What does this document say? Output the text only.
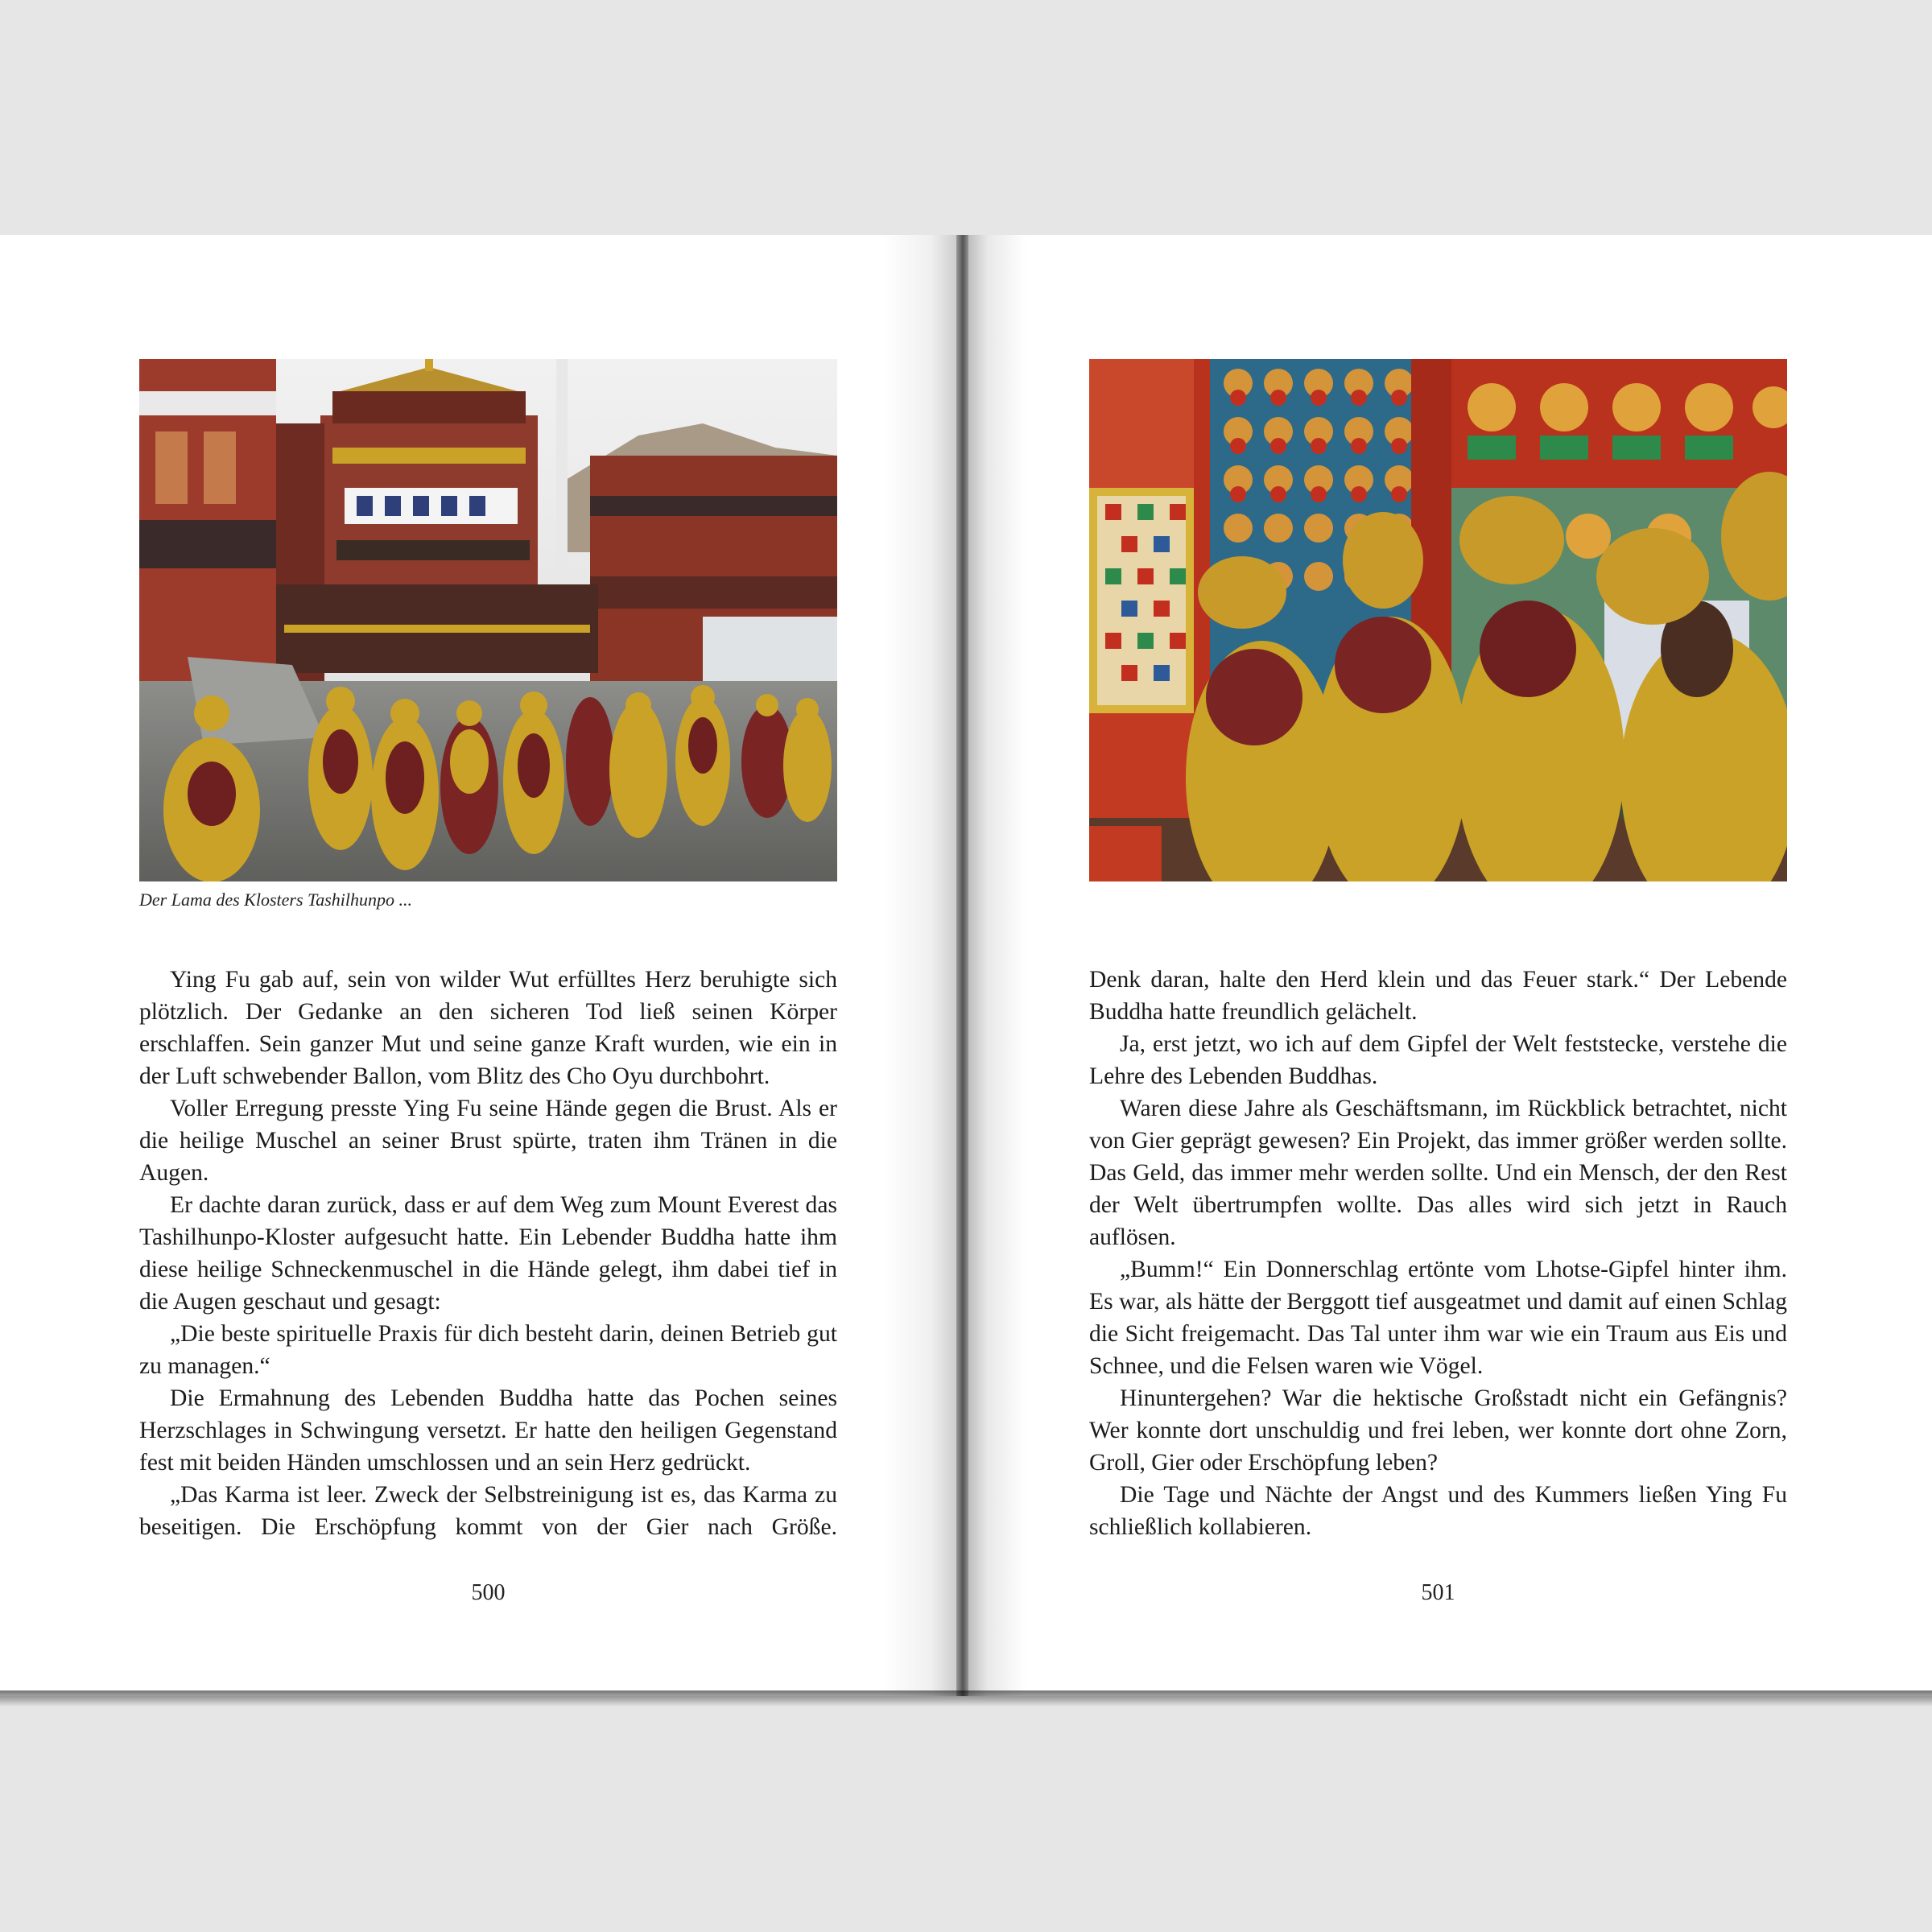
Der Lama des Klosters Tashilhunpo ...

Ying Fu gab auf, sein von wilder Wut erfülltes Herz beruhigte sich plötzlich. Der Gedanke an den sicheren Tod ließ seinen Körper erschlaffen. Sein ganzer Mut und seine ganze Kraft wurden, wie ein in der Luft schwebender Ballon, vom Blitz des Cho Oyu durchbohrt.

Voller Erregung presste Ying Fu seine Hände gegen die Brust. Als er die heilige Muschel an seiner Brust spürte, traten ihm Tränen in die Augen.

Er dachte daran zurück, dass er auf dem Weg zum Mount Everest das Tashilhunpo-Kloster aufgesucht hatte. Ein Lebender Buddha hatte ihm diese heilige Schneckenmuschel in die Hände gelegt, ihm dabei tief in die Augen geschaut und gesagt:

„Die beste spirituelle Praxis für dich besteht darin, deinen Betrieb gut zu managen.“

Die Ermahnung des Lebenden Buddha hatte das Pochen seines Herzschlages in Schwingung versetzt. Er hatte den heiligen Gegenstand fest mit beiden Händen umschlossen und an sein Herz gedrückt.

„Das Karma ist leer. Zweck der Selbstreinigung ist es, das Karma zu beseitigen. Die Erschöpfung kommt von der Gier nach Größe.

500

Denk daran, halte den Herd klein und das Feuer stark.“ Der Lebende Buddha hatte freundlich gelächelt.

Ja, erst jetzt, wo ich auf dem Gipfel der Welt feststecke, verstehe die Lehre des Lebenden Buddhas.

Waren diese Jahre als Geschäftsmann, im Rückblick betrachtet, nicht von Gier geprägt gewesen? Ein Projekt, das immer größer werden sollte. Das Geld, das immer mehr werden sollte. Und ein Mensch, der den Rest der Welt übertrumpfen wollte. Das alles wird sich jetzt in Rauch auflösen.

„Bumm!“ Ein Donnerschlag ertönte vom Lhotse-Gipfel hinter ihm. Es war, als hätte der Berggott tief ausgeatmet und damit auf einen Schlag die Sicht freigemacht. Das Tal unter ihm war wie ein Traum aus Eis und Schnee, und die Felsen waren wie Vögel.

Hinuntergehen? War die hektische Großstadt nicht ein Gefängnis? Wer konnte dort unschuldig und frei leben, wer konnte dort ohne Zorn, Groll, Gier oder Erschöpfung leben?

Die Tage und Nächte der Angst und des Kummers ließen Ying Fu schließlich kollabieren.

501
